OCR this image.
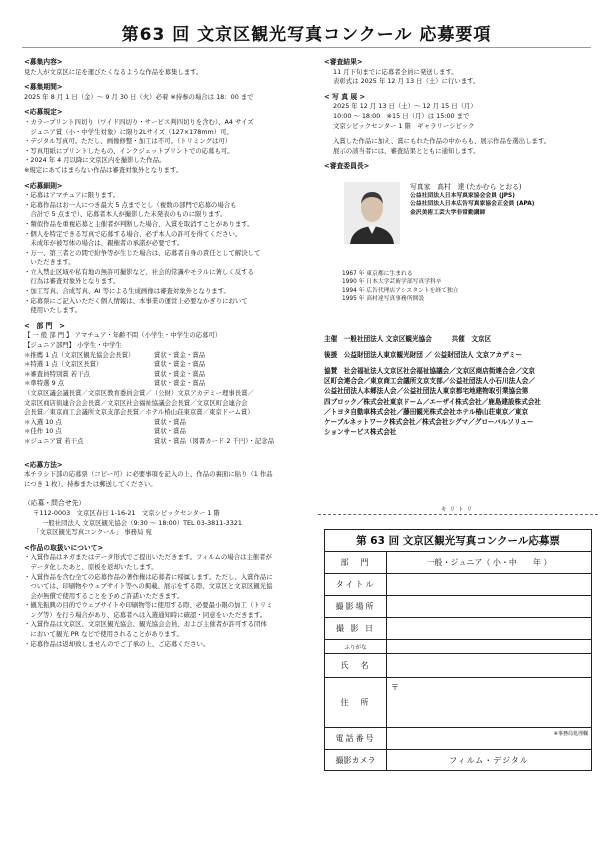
第63 回 文京区観光写真コンクール 応募要項
<募集内容>
見た人が文京区に足を運びたくなるような作品を募集します。
<募集期間>
2025 年 8 月 1 日（金）～ 9 月 30 日（火）必着 ※持参の場合は 18：00 まで
<応募規定>
・カラープリント四切り（ワイド四切り・サービス判四切りを含む）、A4 サイズ
　ジュニア賞（小・中学生対象）に限り2Lサイズ（127×178mm）可。
・デジタル写真可。ただし、画像修整・加工は不可。（トリミングは可）
・写真用紙にプリントしたもの、インクジェットプリントでの応募も可。
・2024 年 4 月以降に文京区内を撮影した作品。
※規定にあてはまらない作品は審査対象外となります。
<応募細則>
・応募はアマチュアに限ります。
・応募作品はお一人につき最大 5 点までとし（複数の部門で応募の場合も
　合計で 5 点まで）、応募者本人が撮影した未発表のものに限ります。
・類似作品を重複応募と主催者が判断した場合、入賞を取消すことがあります。
・個人を特定できる写真で応募する場合、必ず本人の許可を得てください。
　未成年が被写体の場合は、親権者の承諾が必要です。
・万一、第三者との間で紛争等が生じた場合は、応募者自身の責任として解決して
　いただきます。
・立入禁止区域や私有地の無許可撮影など、社会的常識やモラルに著しく反する
　行為は審査対象外となります。
・加工写真、合成写真、AI 等による生成画像は審査対象外となります。
・応募票にご記入いただく個人情報は、本事業の運営上必要なかぎりにおいて
　使用いたします。
<　部 門　>
【 一 般 部 門 】 アマチュア・年齢不問（小学生・中学生の応募可）
【ジュニア部門】 小学生・中学生
＊推薦 1 点（文京区観光協会会長賞）	賞状・賞金・賞品
＊特選 1 点（文京区長賞）	賞状・賞金・賞品
＊審査員特別賞 若干点	賞状・賞金・賞品
＊準特選 9 点	賞状・賞金・賞品
（文京区議会議長賞／文京区教育委員会賞／（公財）文京アカデミー理事長賞／
文京区商店街連合会会長賞／文京区社会福祉協議会会長賞／文京区町会連合会
会長賞／東京商工会議所文京支部会長賞／ホテル椿山荘東京賞／東京ドーム賞）
＊入選 10 点	賞状・賞品
＊佳作 10 点	賞状・賞品
＊ジュニア賞 若干点	賞状・賞品（図書カード 2 千円）・記念品
<応募方法>
本チラシ下部の応募票（コピー可）に必要事項を記入の上、作品の裏面に貼り（1 作品
につき 1 枚）、持参または郵送してください。
（応募・問合せ先）
〒112-0003　文京区春日 1-16-21　文京シビックセンター 1 階
一般社団法人 文京区観光協会（9:30 ～ 18:00）TEL 03-3811-3321
「文京区観光写真コンクール」 事務局 宛
<作品の取扱いについて>
・入賞作品はネガまたはデータ形式でご提出いただきます。フィルムの場合は主催者が
　データ化したあと、原板を返却いたします。
・入賞作品を含む全ての応募作品の著作権は応募者に帰属します。ただし、入賞作品に
　ついては、印刷物やウェブサイト等への掲載、展示をする際、文京区と文京区観光協
　会が無償で使用することを予めご許諾いただきます。
・観光振興の目的でウェブサイトや印刷物等に使用する際、必要最小限の加工（トリミ
　ング等）を行う場合があり、応募者へは入選通知時に確認・同意をいただきます。
・入賞作品は文京区、文京区観光協会、観光協会会員、および主催者が許可する団体
　において観光 PR などで使用されることがあります。
・応募作品は返却致しませんのでご了承の上、ご応募ください。
<審査結果>
11 月下旬までに応募者全員に発送します。
表彰式は 2025 年 12 月 13 日（土）に行います。
< 写 真 展 >
2025 年 12 月 13 日（土）～ 12 月 15 日（月）
10:00 ～ 18:00　※15 日（月）は 15:00 まで
文京シビックセンター 1 階　ギャラリーシビック
入賞した作品に加え、賞にもれた作品の中からも、展示作品を選出します。
展示の該当者には、審査結果とともに通知します。
<審査委員長>
写真家　高村　達 (たかむら とおる)
公益社団法人日本写真家協会会員 (JPS)
公益社団法人日本広告写真家協会正会員 (APA)
金沢美術工芸大学非常勤講師
1967 年 東京都に生まれる
1990 年 日本大学芸術学部写真学科卒
1994 年 広告代理店アシスタントを経て独立
1995 年 高村達写真事務所開設
主催　一般社団法人 文京区観光協会　　　共催　文京区
後援　公益財団法人東京観光財団 ／ 公益財団法人 文京アカデミー
協賛　社会福祉法人文京区社会福祉協議会／文京区商店街連合会／文京
区町会連合会／東京商工会議所文京支部／公益社団法人小石川法人会／
公益社団法人本郷法人会／公益社団法人東京都宅地建物取引業協会第
四ブロック／株式会社東京ドーム／エーザイ株式会社／鹿島建設株式会社
／トヨタ自動車株式会社／藤田観光株式会社ホテル椿山荘東京／東京
ケーブルネットワーク株式会社／株式会社シグマ／グローバルソリュー
ションサービス株式会社
キリトリ
第 63 回 文京区観光写真コンクール応募票
部　門	一般・ジュニア（ 小・中　　年 ）
タイトル
撮影場所
撮 影 日
ふりがな
氏　名
住　所
〒
電話番号	※事務局処理欄
撮影カメラ	フィルム・デジタル
